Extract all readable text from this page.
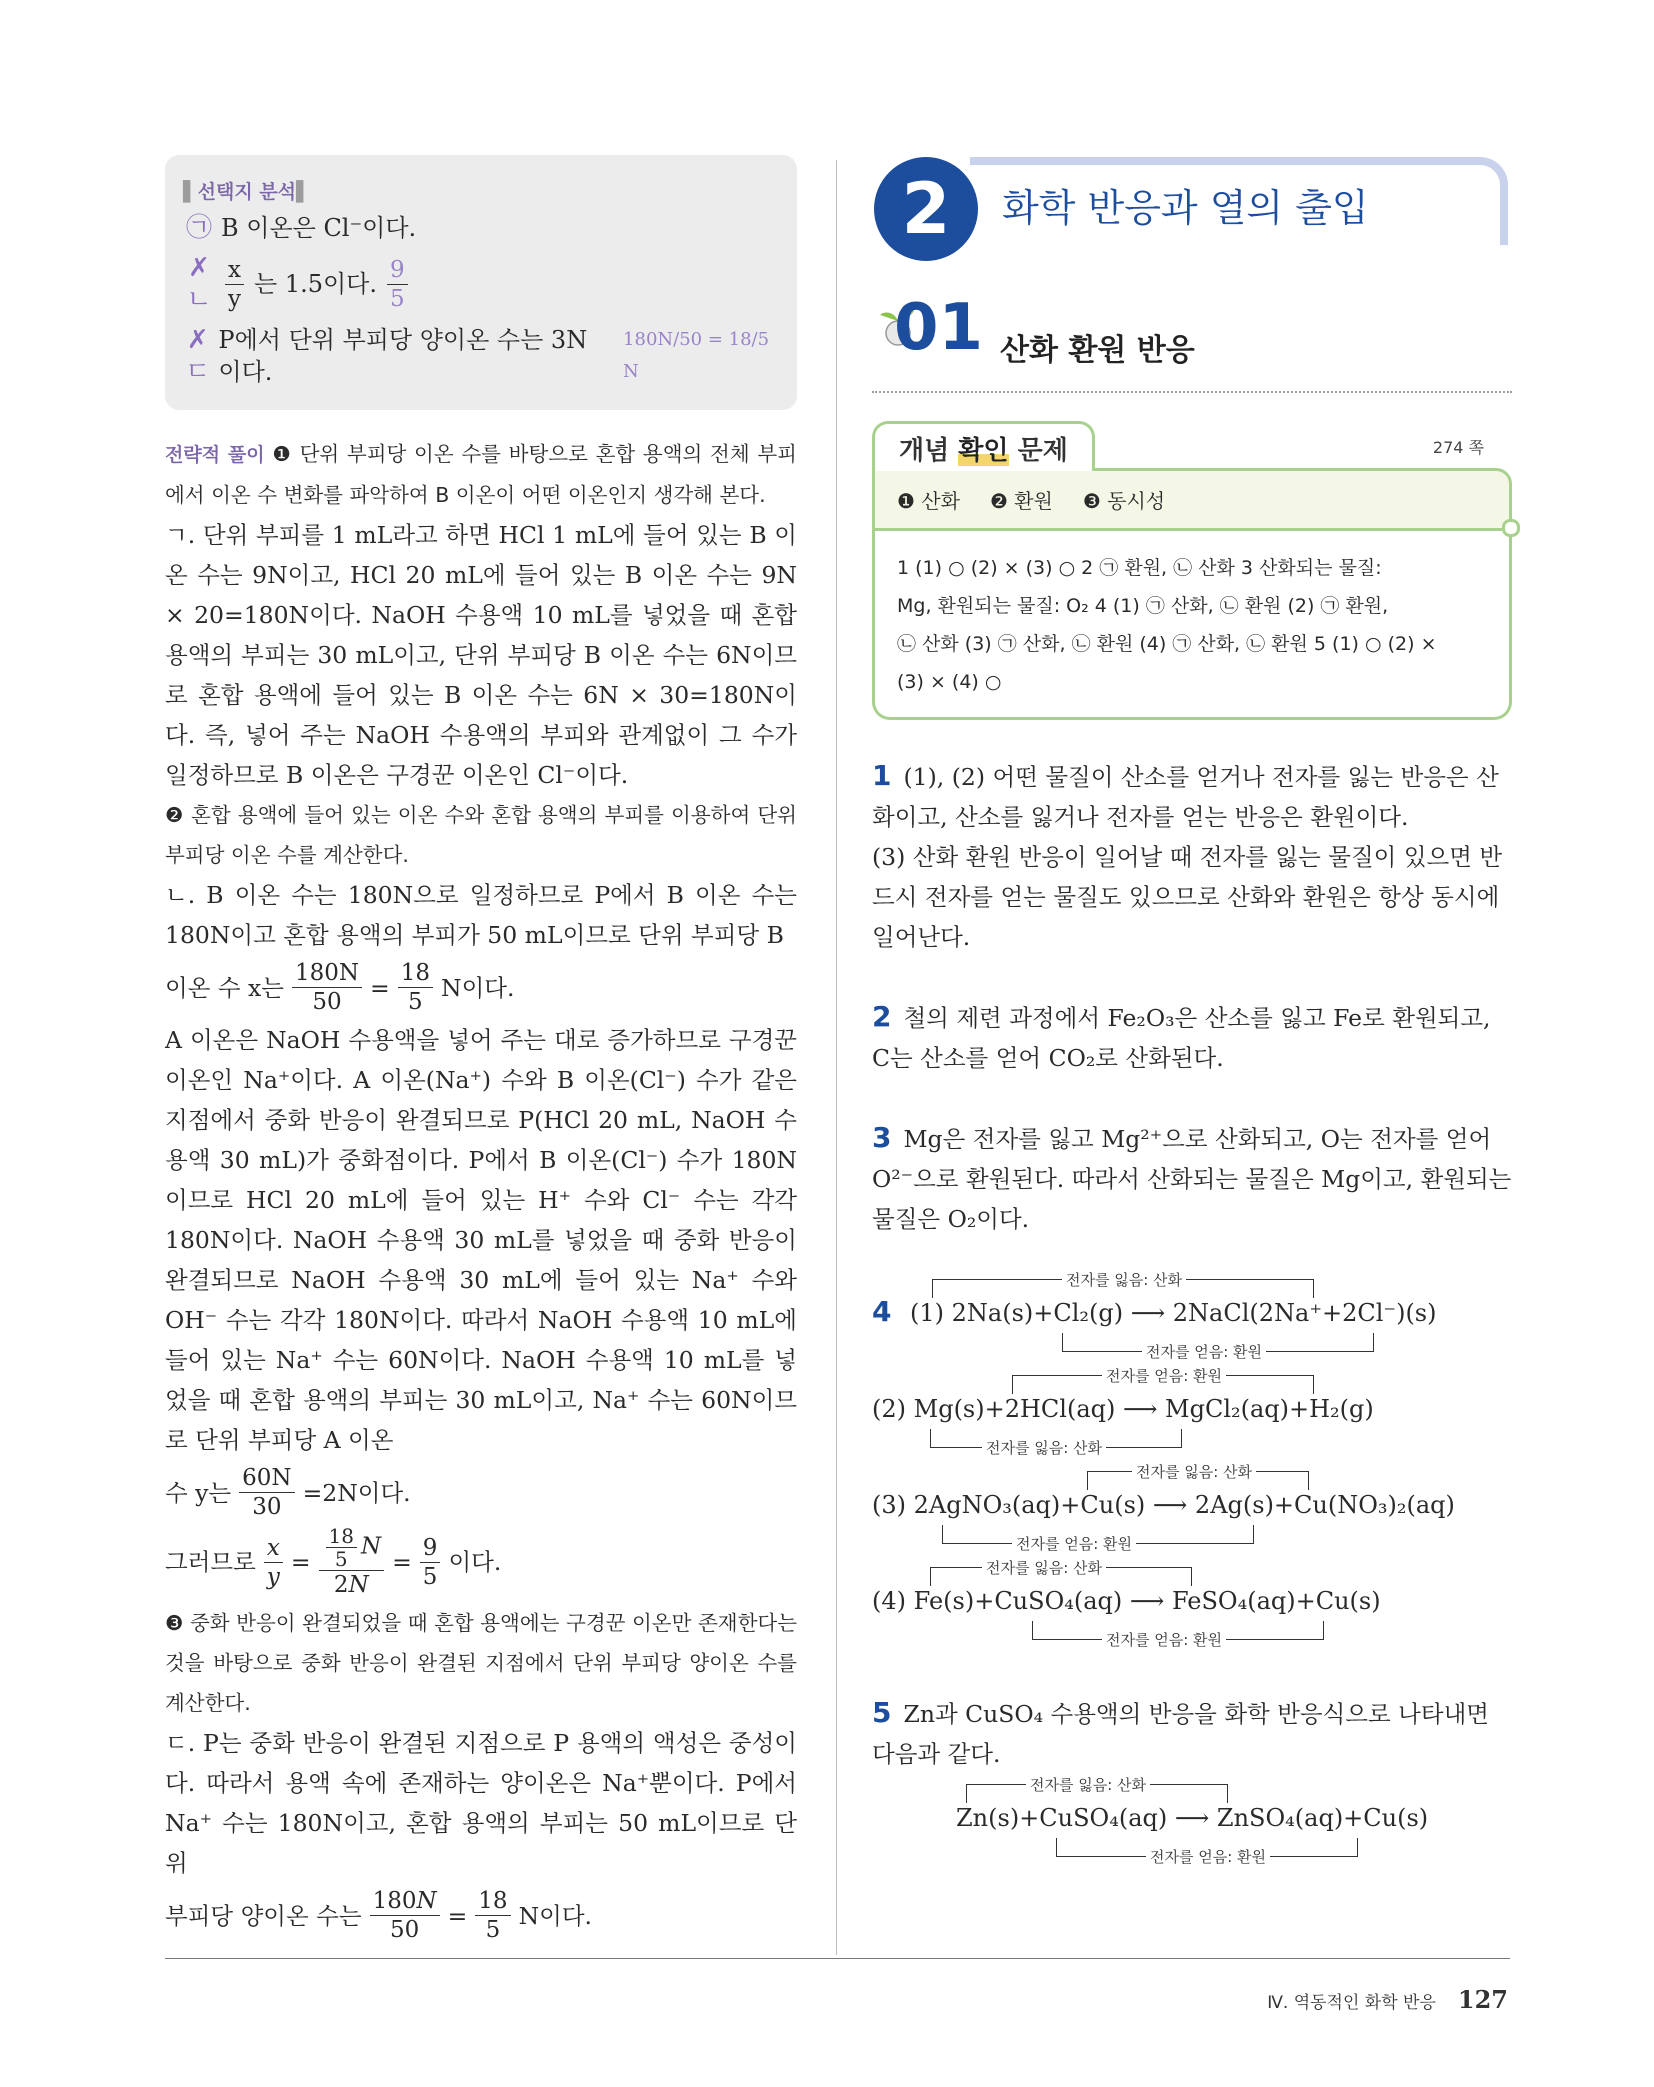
▌선택지 분석▌
㉠ B 이온은 Cl⁻이다.
✗ㄴ $\frac{x}{y}$ 는 1.5이다. $\frac{9}{5}$
✗ㄷ
P에서 단위 부피당 양이온 수는 3N이다.
180N/50 = 18/5 N

전략적 풀이 ❶ 단위 부피당 이온 수를 바탕으로 혼합 용액의 전체 부피에서 이온 수 변화를 파악하여 B 이온이 어떤 이온인지 생각해 본다.

ㄱ. 단위 부피를 1 mL라고 하면 HCl 1 mL에 들어 있는 B 이온 수는 9N이고, HCl 20 mL에 들어 있는 B 이온 수는 9N × 20=180N이다. NaOH 수용액 10 mL를 넣었을 때 혼합 용액의 부피는 30 mL이고, 단위 부피당 B 이온 수는 6N이므로 혼합 용액에 들어 있는 B 이온 수는 6N × 30=180N이다. 즉, 넣어 주는 NaOH 수용액의 부피와 관계없이 그 수가 일정하므로 B 이온은 구경꾼 이온인 Cl⁻이다.

❷ 혼합 용액에 들어 있는 이온 수와 혼합 용액의 부피를 이용하여 단위 부피당 이온 수를 계산한다.

ㄴ. B 이온 수는 180N으로 일정하므로 P에서 B 이온 수는 180N이고 혼합 용액의 부피가 50 mL이므로 단위 부피당 B

이온 수 x는 $\frac{180N}{50} = \frac{18}{5}$ N이다.

A 이온은 NaOH 수용액을 넣어 주는 대로 증가하므로 구경꾼 이온인 Na⁺이다. A 이온(Na⁺) 수와 B 이온(Cl⁻) 수가 같은 지점에서 중화 반응이 완결되므로 P(HCl 20 mL, NaOH 수용액 30 mL)가 중화점이다. P에서 B 이온(Cl⁻) 수가 180N이므로 HCl 20 mL에 들어 있는 H⁺ 수와 Cl⁻ 수는 각각 180N이다. NaOH 수용액 30 mL를 넣었을 때 중화 반응이 완결되므로 NaOH 수용액 30 mL에 들어 있는 Na⁺ 수와 OH⁻ 수는 각각 180N이다. 따라서 NaOH 수용액 10 mL에 들어 있는 Na⁺ 수는 60N이다. NaOH 수용액 10 mL를 넣었을 때 혼합 용액의 부피는 30 mL이고, Na⁺ 수는 60N이므로 단위 부피당 A 이온

수 y는 $\frac{60N}{30} =2N$이다.
그러므로 $\frac{x}{y} = \frac{\frac{18}{5} N}{2N} = \frac{9}{5}$ 이다.

❸ 중화 반응이 완결되었을 때 혼합 용액에는 구경꾼 이온만 존재한다는 것을 바탕으로 중화 반응이 완결된 지점에서 단위 부피당 양이온 수를 계산한다.

ㄷ. P는 중화 반응이 완결된 지점으로 P 용액의 액성은 중성이다. 따라서 용액 속에 존재하는 양이온은 Na⁺뿐이다. P에서 Na⁺ 수는 180N이고, 혼합 용액의 부피는 50 mL이므로 단위

부피당 양이온 수는 $\frac{180N}{50} = \frac{18}{5}$ N이다.
2	화학 반응과 열의 출입
01 산화 환원 반응
개념 확인 문제	274 쪽
❶ 산화 ❷ 환원 ❸ 동시성
1 (1) ○ (2) × (3) ○ 2 ㉠ 환원, ㉡ 산화 3 산화되는 물질:
Mg, 환원되는 물질: O₂ 4 (1) ㉠ 산화, ㉡ 환원 (2) ㉠ 환원,
㉡ 산화 (3) ㉠ 산화, ㉡ 환원 (4) ㉠ 산화, ㉡ 환원 5 (1) ○ (2) ×
(3) × (4) ○

1 (1), (2) 어떤 물질이 산소를 얻거나 전자를 잃는 반응은 산화이고, 산소를 잃거나 전자를 얻는 반응은 환원이다.

(3) 산화 환원 반응이 일어날 때 전자를 잃는 물질이 있으면 반드시 전자를 얻는 물질도 있으므로 산화와 환원은 항상 동시에 일어난다.

2 철의 제련 과정에서 Fe₂O₃은 산소를 잃고 Fe로 환원되고, C는 산소를 얻어 CO₂로 산화된다.

3 Mg은 전자를 잃고 Mg²⁺으로 산화되고, O는 전자를 얻어 O²⁻으로 환원된다. 따라서 산화되는 물질은 Mg이고, 환원되는 물질은 O₂이다.

4
전자를 잃음: 산화
(1) 2Na(s)+Cl₂(g) ⟶ 2NaCl(2Na⁺+2Cl⁻)(s)
전자를 얻음: 환원
전자를 얻음: 환원
(2) Mg(s)+2HCl(aq) ⟶ MgCl₂(aq)+H₂(g)
전자를 잃음: 산화
전자를 잃음: 산화
(3) 2AgNO₃(aq)+Cu(s) ⟶ 2Ag(s)+Cu(NO₃)₂(aq)
전자를 얻음: 환원
전자를 잃음: 산화
(4) Fe(s)+CuSO₄(aq) ⟶ FeSO₄(aq)+Cu(s)
전자를 얻음: 환원

5 Zn과 CuSO₄ 수용액의 반응을 화학 반응식으로 나타내면 다음과 같다.

전자를 잃음: 산화
Zn(s)+CuSO₄(aq) ⟶ ZnSO₄(aq)+Cu(s)
전자를 얻음: 환원
Ⅳ. 역동적인 화학 반응 127
